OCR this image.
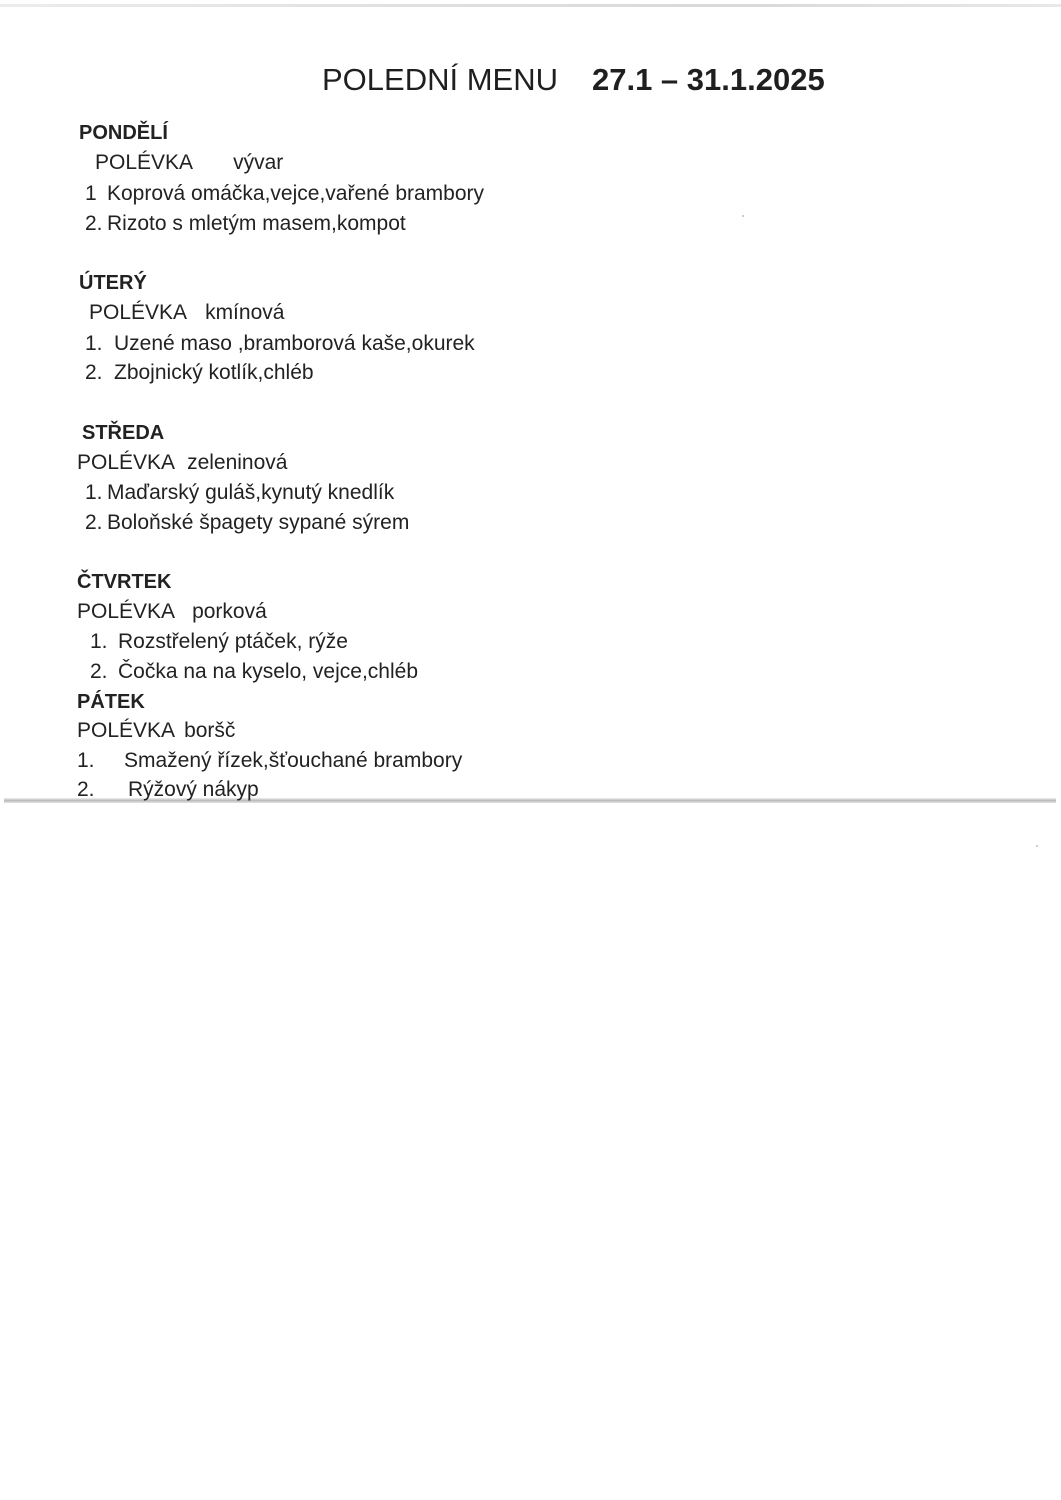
POLEDNÍ MENU 27.1 – 31.1.2025
PONDĚLÍ
POLÉVKA vývar
1 Koprová omáčka,vejce,vařené brambory
2. Rizoto s mletým masem,kompot
ÚTERÝ
POLÉVKA kmínová
1. Uzené maso ,bramborová kaše,okurek
2. Zbojnický kotlík,chléb
STŘEDA
POLÉVKA zeleninová
1. Maďarský guláš,kynutý knedlík
2. Boloňské špagety sypané sýrem
ČTVRTEK
POLÉVKA porková
1. Rozstřelený ptáček, rýže
2. Čočka na na kyselo, vejce,chléb
PÁTEK
POLÉVKA boršč
1. Smažený řízek,šťouchané brambory
2. Rýžový nákyp
